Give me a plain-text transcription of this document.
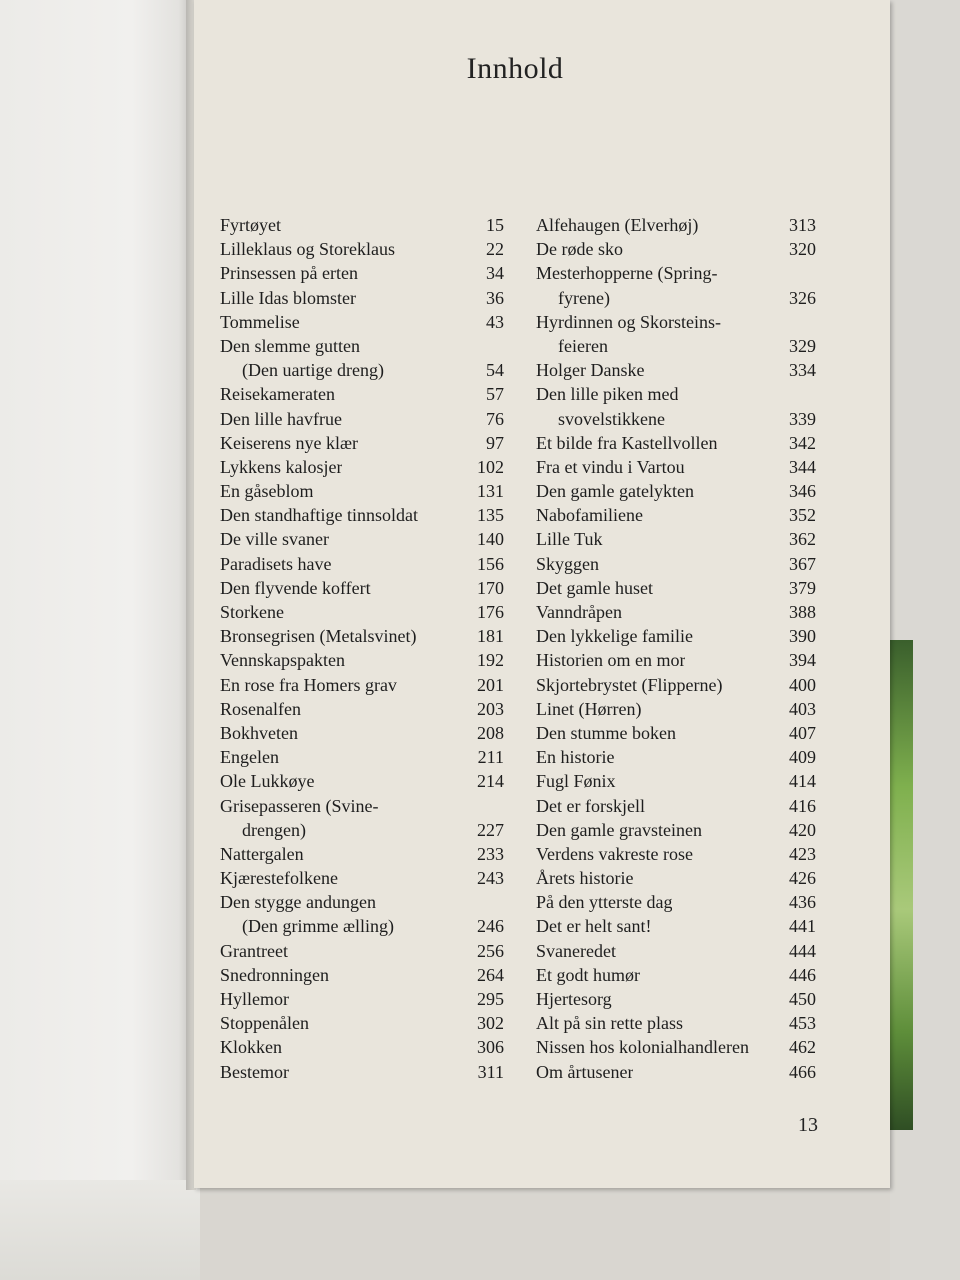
Innhold
Fyrtøyet	15
Lilleklaus og Storeklaus	22
Prinsessen på erten	34
Lille Idas blomster	36
Tommelise	43
Den slemme gutten
(Den uartige dreng)	54
Reisekameraten	57
Den lille havfrue	76
Keiserens nye klær	97
Lykkens kalosjer	102
En gåseblom	131
Den standhaftige tinnsoldat	135
De ville svaner	140
Paradisets have	156
Den flyvende koffert	170
Storkene	176
Bronsegrisen (Metalsvinet)	181
Vennskapspakten	192
En rose fra Homers grav	201
Rosenalfen	203
Bokhveten	208
Engelen	211
Ole Lukkøye	214
Grisepasseren (Svine-
drengen)	227
Nattergalen	233
Kjærestefolkene	243
Den stygge andungen
(Den grimme ælling)	246
Grantreet	256
Snedronningen	264
Hyllemor	295
Stoppenålen	302
Klokken	306
Bestemor	311
Alfehaugen (Elverhøj)	313
De røde sko	320
Mesterhopperne (Spring-
fyrene)	326
Hyrdinnen og Skorsteins-
feieren	329
Holger Danske	334
Den lille piken med
svovelstikkene	339
Et bilde fra Kastellvollen	342
Fra et vindu i Vartou	344
Den gamle gatelykten	346
Nabofamiliene	352
Lille Tuk	362
Skyggen	367
Det gamle huset	379
Vanndråpen	388
Den lykkelige familie	390
Historien om en mor	394
Skjortebrystet (Flipperne)	400
Linet (Hørren)	403
Den stumme boken	407
En historie	409
Fugl Fønix	414
Det er forskjell	416
Den gamle gravsteinen	420
Verdens vakreste rose	423
Årets historie	426
På den ytterste dag	436
Det er helt sant!	441
Svaneredet	444
Et godt humør	446
Hjertesorg	450
Alt på sin rette plass	453
Nissen hos kolonialhandleren 462
Om årtusener	466
13
